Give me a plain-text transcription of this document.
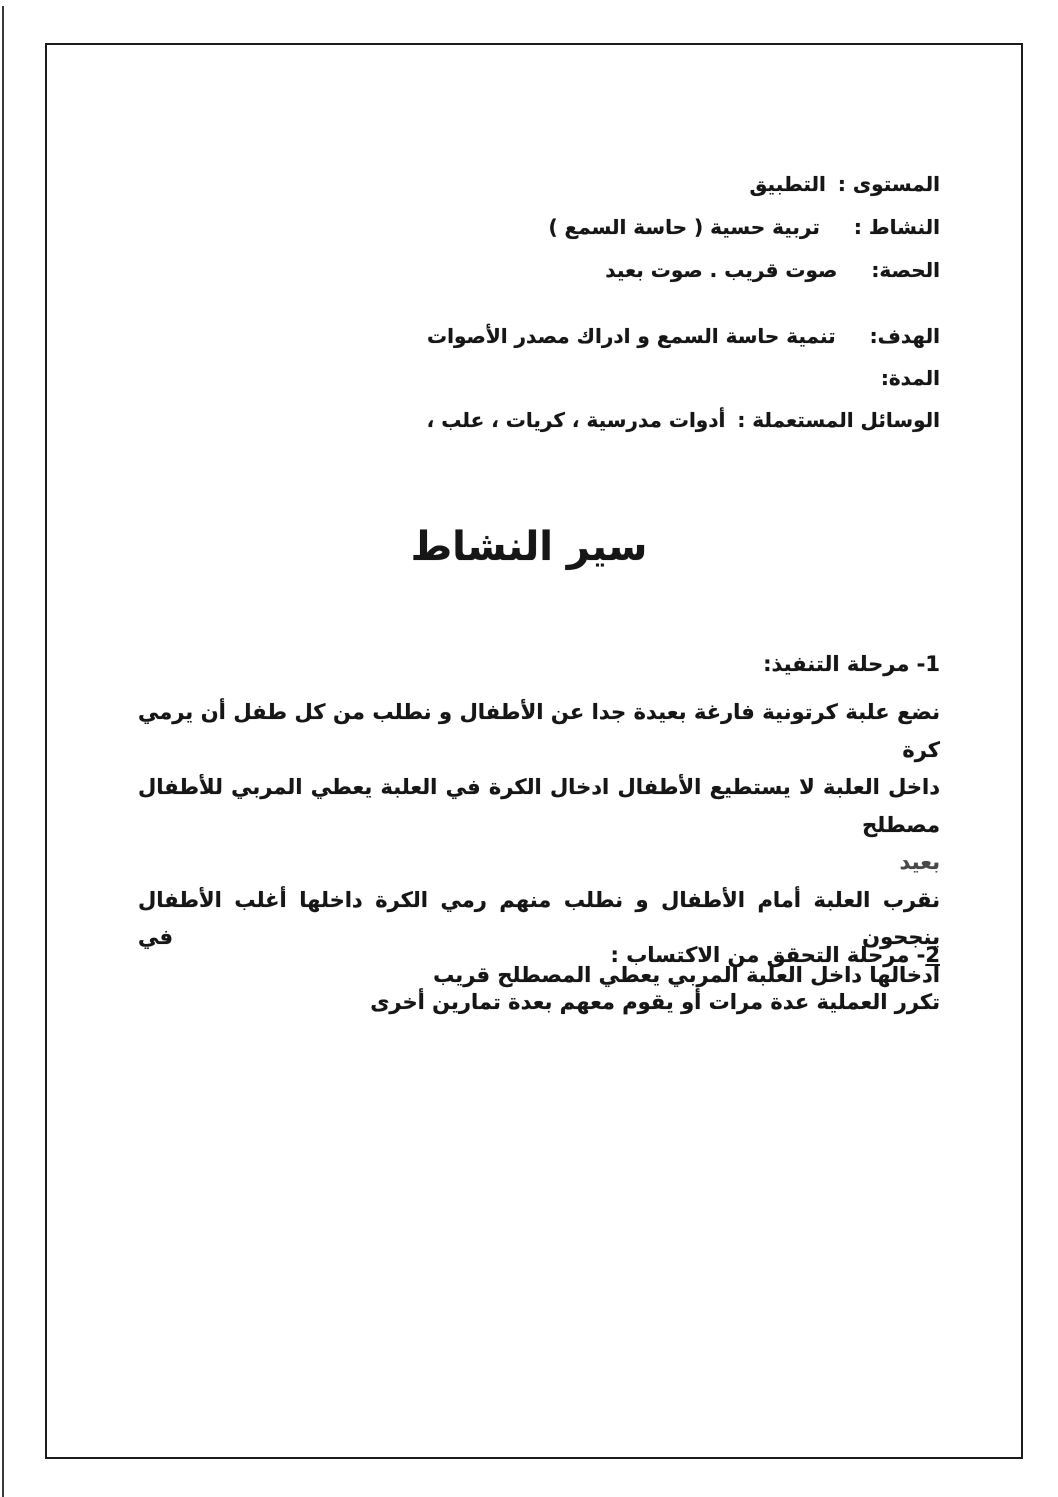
المستوى :التطبيق
النشاط :تربية حسية ( حاسة السمع )
الحصة:صوت قريب . صوت بعيد
الهدف:تنمية حاسة السمع و ادراك مصدر الأصوات
المدة:
الوسائل المستعملة :أدوات مدرسية ، كريات ، علب ،
سير النشاط
1- مرحلة التنفيذ:
نضع علبة كرتونية فارغة بعيدة جدا عن الأطفال و نطلب من كل طفل أن يرمي كرة
داخل العلبة لا يستطيع الأطفال ادخال الكرة في العلبة يعطي المربي للأطفال مصطلح
بعيد
نقرب العلبة أمام الأطفال و نطلب منهم رمي الكرة داخلها أغلب الأطفال ينجحون في
ادخالها داخل العلبة المربي يعطي المصطلح قريب
2- مرحلة التحقق من الاكتساب :
تكرر العملية عدة مرات أو يقوم معهم بعدة تمارين أخرى
